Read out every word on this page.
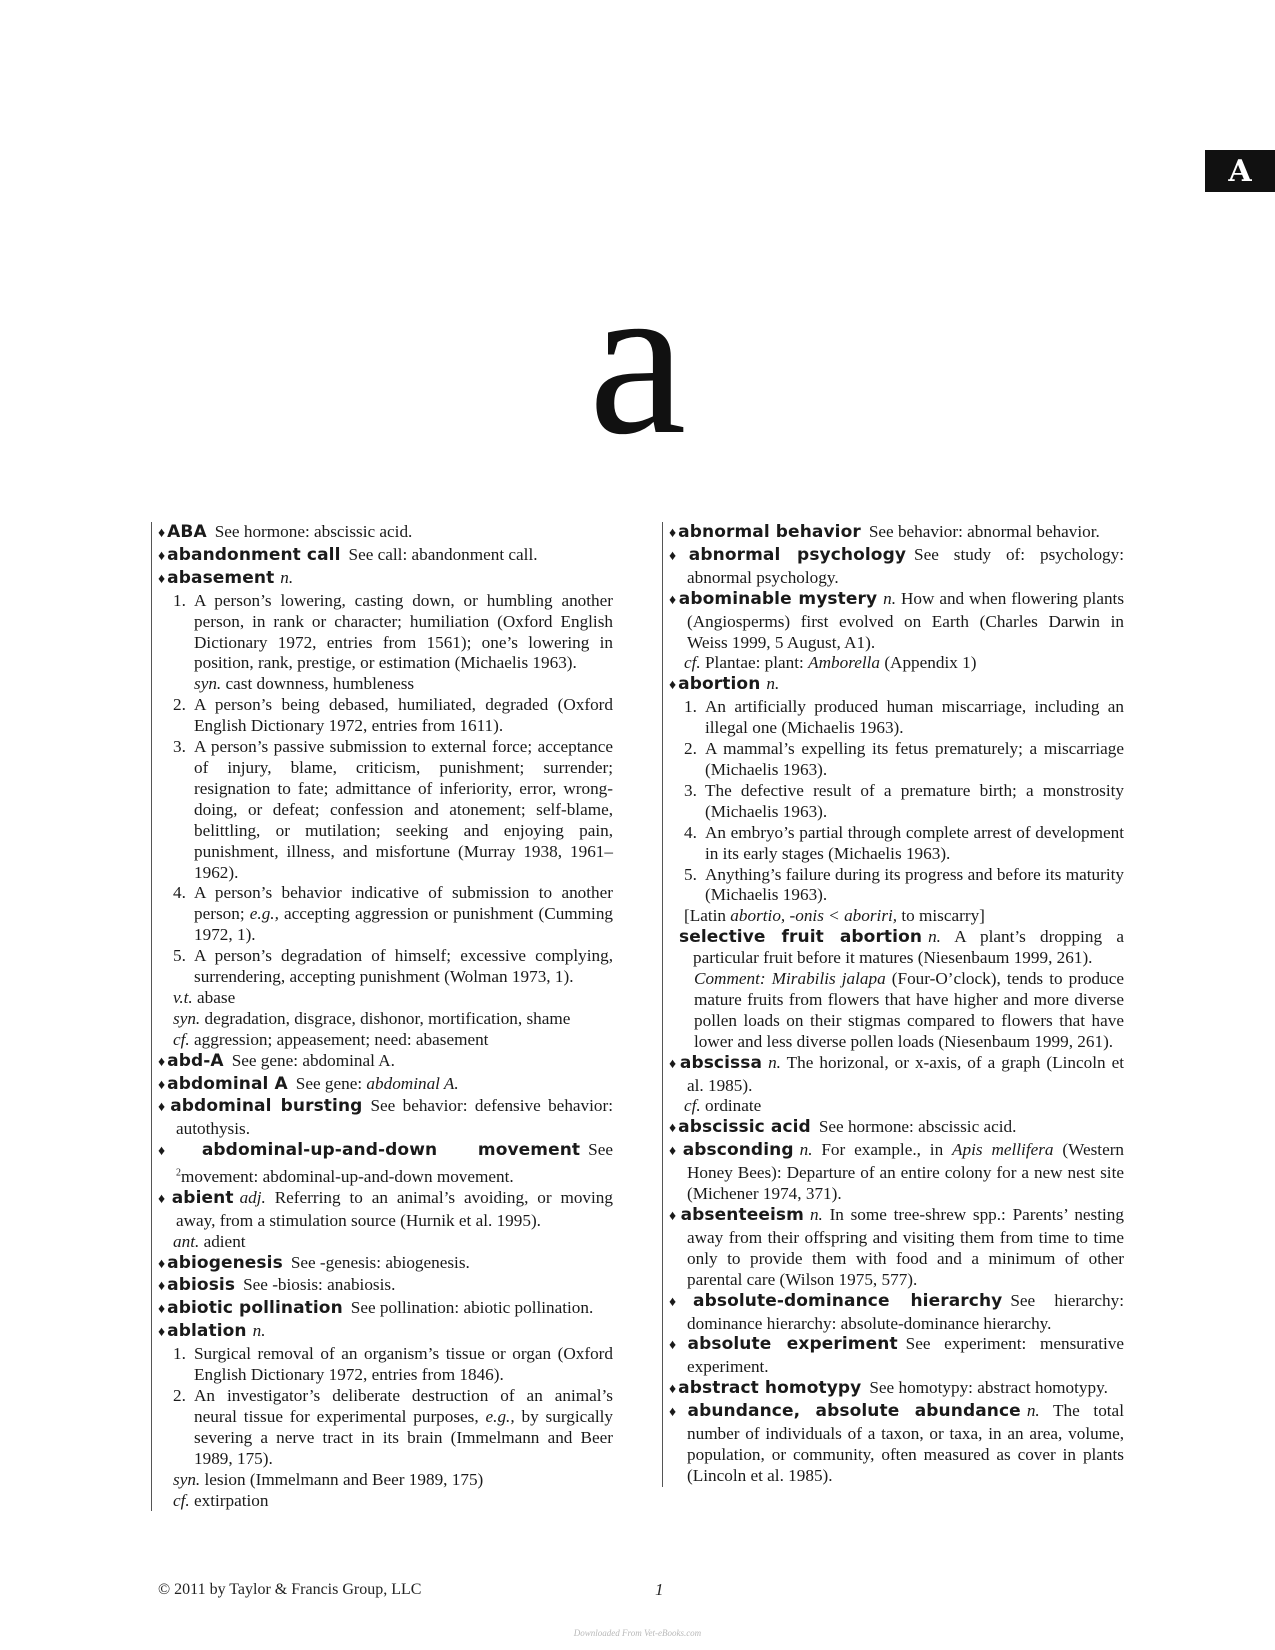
A
a
♦ ABA See hormone: abscissic acid.
♦ abandonment call See call: abandonment call.
♦ abasement n.
1. A person’s lowering, casting down, or humbling another person, in rank or character; humiliation (Oxford English Dictionary 1972, entries from 1561); one’s lowering in position, rank, prestige, or estimation (Michaelis 1963).
syn. cast downness, humbleness
2. A person’s being debased, humiliated, degraded (Oxford English Dictionary 1972, entries from 1611).
3. A person’s passive submission to external force; acceptance of injury, blame, criticism, punishment; surrender; resignation to fate; admittance of inferiority, error, wrong-doing, or defeat; confession and atonement; self-blame, belittling, or mutilation; seeking and enjoying pain, punishment, illness, and misfortune (Murray 1938, 1961–1962).
4. A person’s behavior indicative of submission to another person; e.g., accepting aggression or punishment (Cumming 1972, 1).
5. A person’s degradation of himself; excessive complying, surrendering, accepting punishment (Wolman 1973, 1).
v.t. abase
syn. degradation, disgrace, dishonor, mortification, shame
cf. aggression; appeasement; need: abasement
♦ abd-A See gene: abdominal A.
♦ abdominal A See gene: abdominal A.
♦ abdominal bursting See behavior: defensive behavior: autothysis.
♦ abdominal-up-and-down movement See $^2$movement: abdominal-up-and-down movement.
♦ abient adj. Referring to an animal’s avoiding, or moving away, from a stimulation source (Hurnik et al. 1995).
ant. adient
♦ abiogenesis See -genesis: abiogenesis.
♦ abiosis See -biosis: anabiosis.
♦ abiotic pollination See pollination: abiotic pollination.
♦ ablation n.
1. Surgical removal of an organism’s tissue or organ (Oxford English Dictionary 1972, entries from 1846).
2. An investigator’s deliberate destruction of an animal’s neural tissue for experimental purposes, e.g., by surgically severing a nerve tract in its brain (Immelmann and Beer 1989, 175).
syn. lesion (Immelmann and Beer 1989, 175)
cf. extirpation
♦ abnormal behavior See behavior: abnormal behavior.
♦ abnormal psychology See study of: psychology: abnormal psychology.
♦ abominable mystery n. How and when flowering plants (Angiosperms) first evolved on Earth (Charles Darwin in Weiss 1999, 5 August, A1).
cf. Plantae: plant: Amborella (Appendix 1)
♦ abortion n.
1. An artificially produced human miscarriage, including an illegal one (Michaelis 1963).
2. A mammal’s expelling its fetus prematurely; a miscarriage (Michaelis 1963).
3. The defective result of a premature birth; a monstrosity (Michaelis 1963).
4. An embryo’s partial through complete arrest of development in its early stages (Michaelis 1963).
5. Anything’s failure during its progress and before its maturity (Michaelis 1963).
[Latin abortio, -onis < aboriri, to miscarry]
selective fruit abortion n. A plant’s dropping a particular fruit before it matures (Niesenbaum 1999, 261).
Comment: Mirabilis jalapa (Four-O’clock), tends to produce mature fruits from flowers that have higher and more diverse pollen loads on their stigmas compared to flowers that have lower and less diverse pollen loads (Niesenbaum 1999, 261).
♦ abscissa n. The horizonal, or x-axis, of a graph (Lincoln et al. 1985).
cf. ordinate
♦ abscissic acid See hormone: abscissic acid.
♦ absconding n. For example., in Apis mellifera (Western Honey Bees): Departure of an entire colony for a new nest site (Michener 1974, 371).
♦ absenteeism n. In some tree-shrew spp.: Parents’ nesting away from their offspring and visiting them from time to time only to provide them with food and a minimum of other parental care (Wilson 1975, 577).
♦ absolute-dominance hierarchy See hierarchy: dominance hierarchy: absolute-dominance hierarchy.
♦ absolute experiment See experiment: mensurative experiment.
♦ abstract homotypy See homotypy: abstract homotypy.
♦ abundance, absolute abundance n. The total number of individuals of a taxon, or taxa, in an area, volume, population, or community, often measured as cover in plants (Lincoln et al. 1985).
© 2011 by Taylor & Francis Group, LLC	1
Downloaded From Vet-eBooks.com
